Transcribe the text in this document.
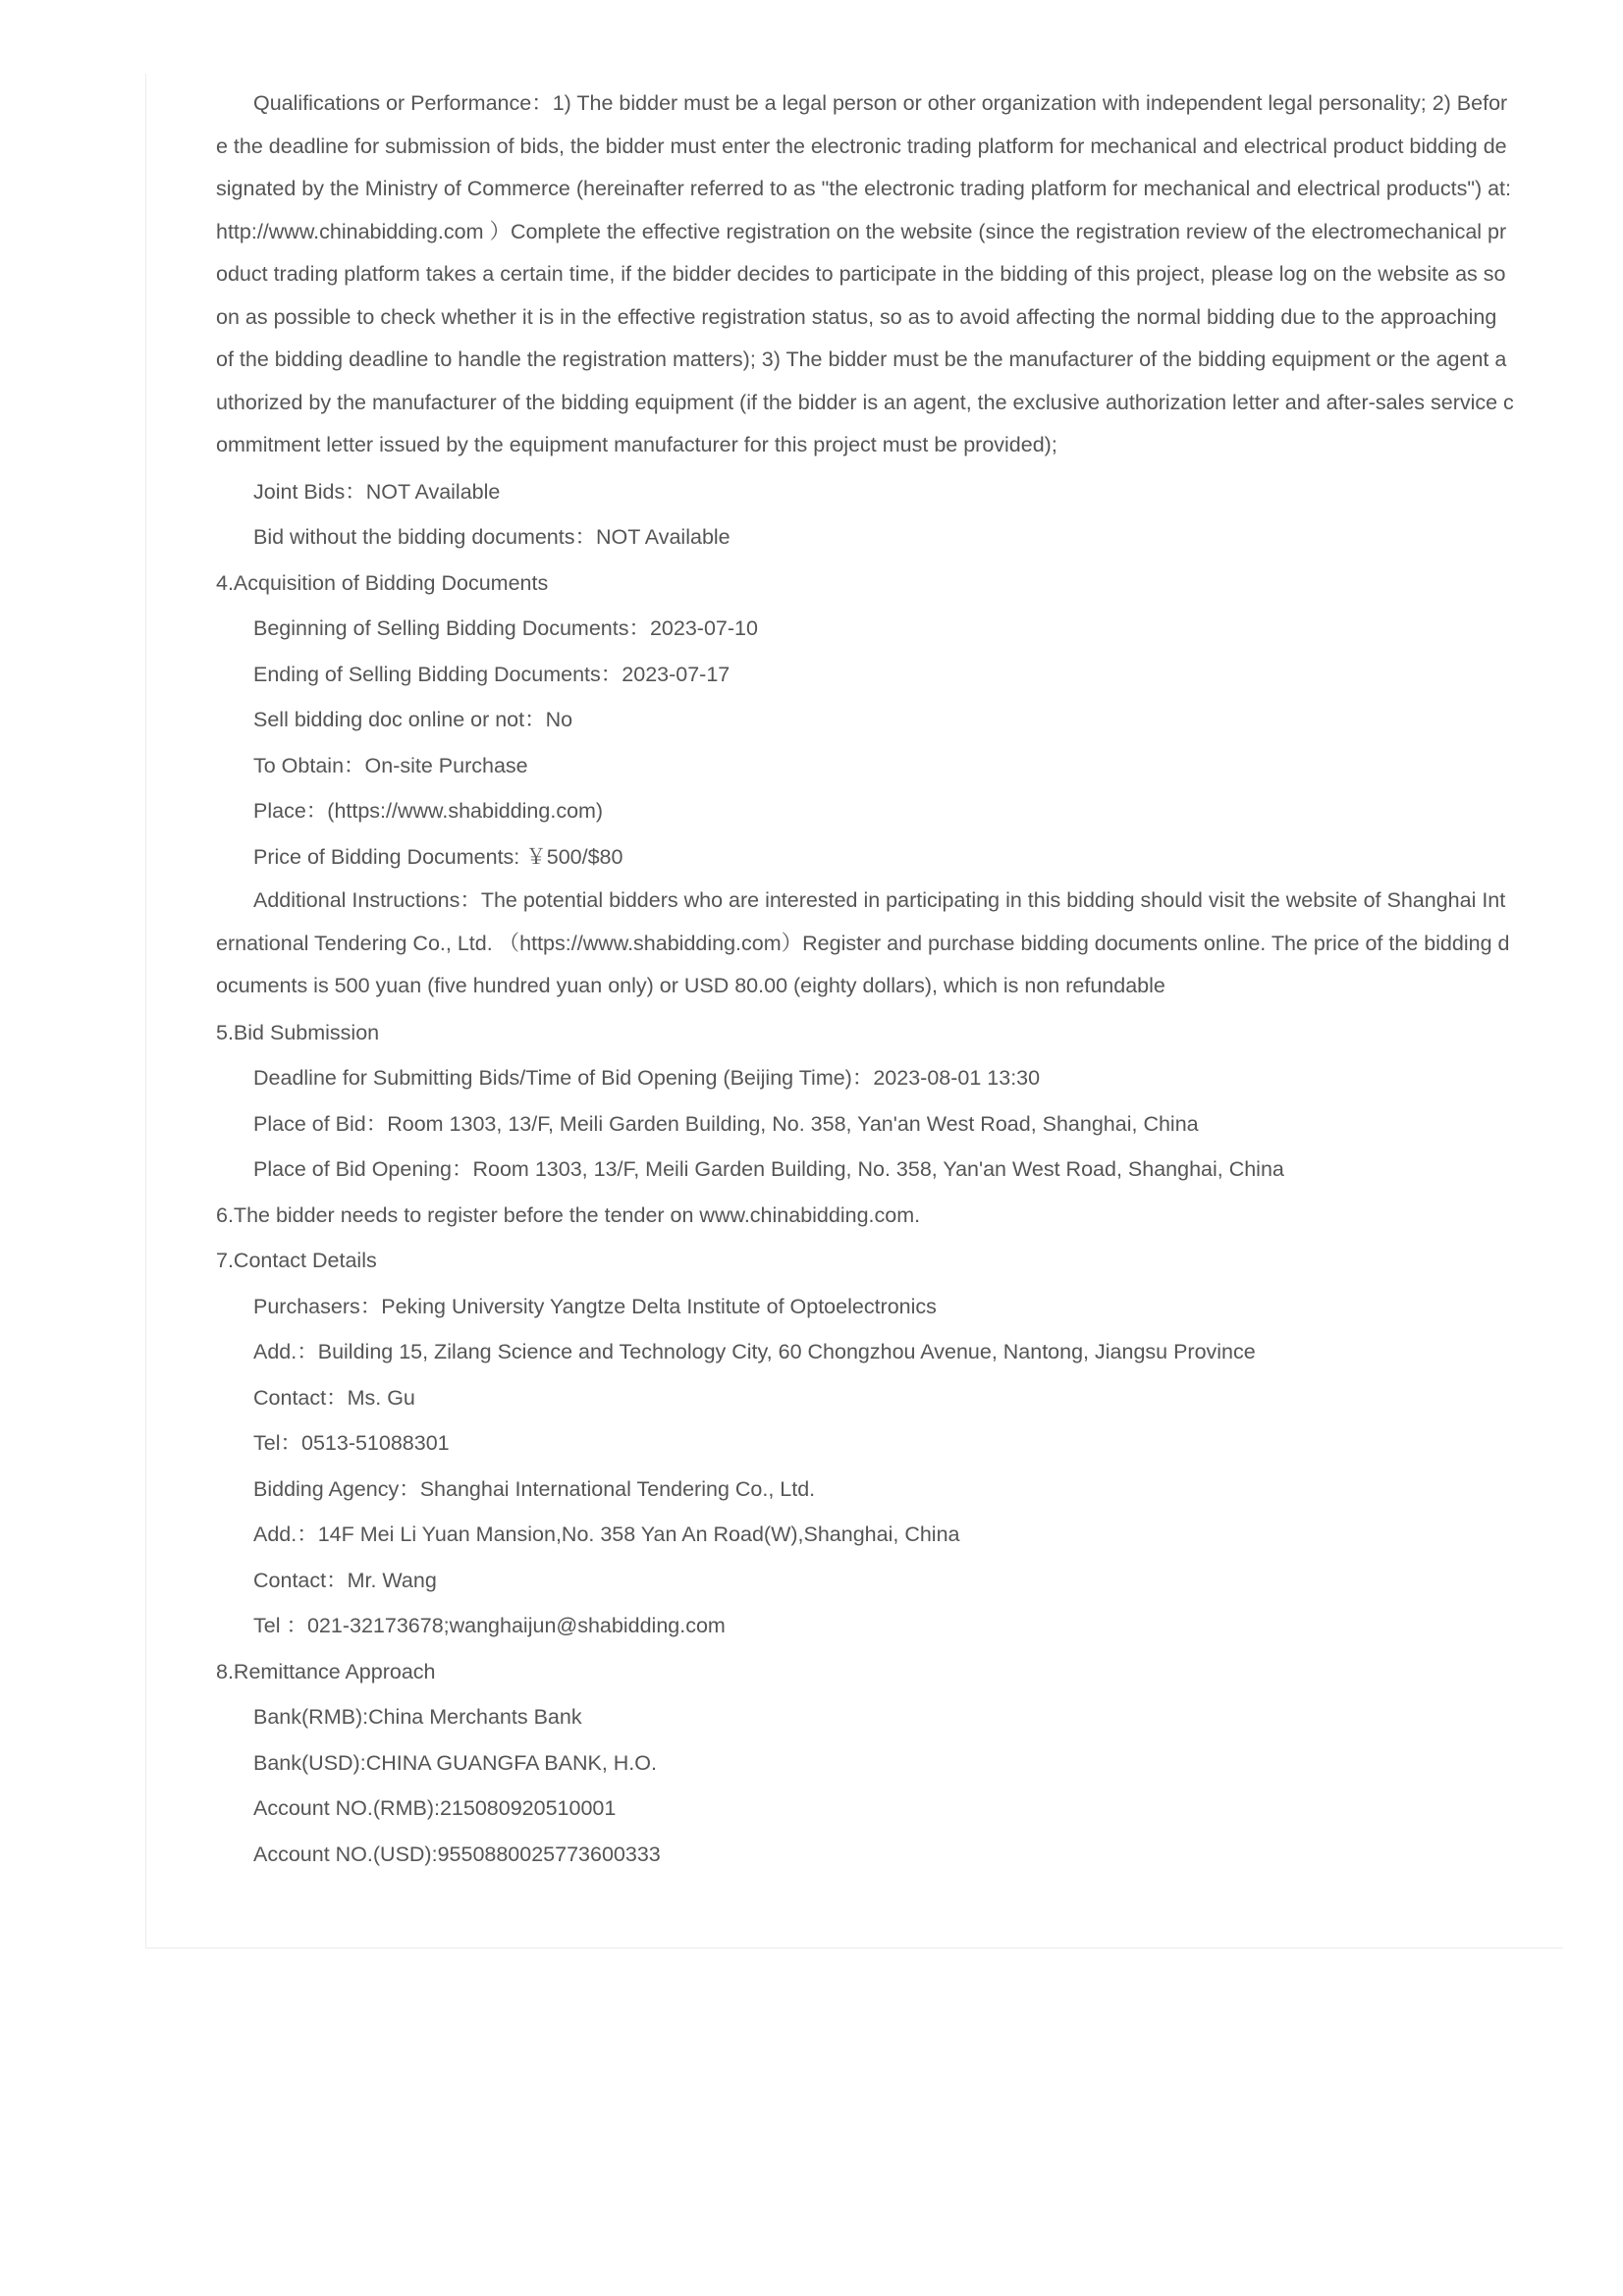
Qualifications or Performance：1) The bidder must be a legal person or other organization with independent legal personality; 2) Before the deadline for submission of bids, the bidder must enter the electronic trading platform for mechanical and electrical product bidding designated by the Ministry of Commerce (hereinafter referred to as "the electronic trading platform for mechanical and electrical products") at: http://www.chinabidding.com ）Complete the effective registration on the website (since the registration review of the electromechanical product trading platform takes a certain time, if the bidder decides to participate in the bidding of this project, please log on the website as soon as possible to check whether it is in the effective registration status, so as to avoid affecting the normal bidding due to the approaching of the bidding deadline to handle the registration matters); 3) The bidder must be the manufacturer of the bidding equipment or the agent authorized by the manufacturer of the bidding equipment (if the bidder is an agent, the exclusive authorization letter and after-sales service commitment letter issued by the equipment manufacturer for this project must be provided);

Joint Bids：NOT Available

Bid without the bidding documents：NOT Available

4.Acquisition of Bidding Documents

Beginning of Selling Bidding Documents：2023-07-10

Ending of Selling Bidding Documents：2023-07-17

Sell bidding doc online or not：No

To Obtain：On-site Purchase

Place：(https://www.shabidding.com)

Price of Bidding Documents: ￥500/$80

Additional Instructions：The potential bidders who are interested in participating in this bidding should visit the website of Shanghai International Tendering Co., Ltd. （https://www.shabidding.com）Register and purchase bidding documents online. The price of the bidding documents is 500 yuan (five hundred yuan only) or USD 80.00 (eighty dollars), which is non refundable

5.Bid Submission

Deadline for Submitting Bids/Time of Bid Opening (Beijing Time)：2023-08-01 13:30

Place of Bid：Room 1303, 13/F, Meili Garden Building, No. 358, Yan'an West Road, Shanghai, China

Place of Bid Opening：Room 1303, 13/F, Meili Garden Building, No. 358, Yan'an West Road, Shanghai, China

6.The bidder needs to register before the tender on www.chinabidding.com.

7.Contact Details

Purchasers：Peking University Yangtze Delta Institute of Optoelectronics

Add.：Building 15, Zilang Science and Technology City, 60 Chongzhou Avenue, Nantong, Jiangsu Province

Contact：Ms. Gu

Tel：0513-51088301

Bidding Agency：Shanghai International Tendering Co., Ltd.

Add.：14F Mei Li Yuan Mansion,No. 358 Yan An Road(W),Shanghai, China

Contact：Mr. Wang

Tel ：021-32173678;wanghaijun@shabidding.com

8.Remittance Approach

Bank(RMB):China Merchants Bank

Bank(USD):CHINA GUANGFA BANK, H.O.

Account NO.(RMB):215080920510001

Account NO.(USD):9550880025773600333
